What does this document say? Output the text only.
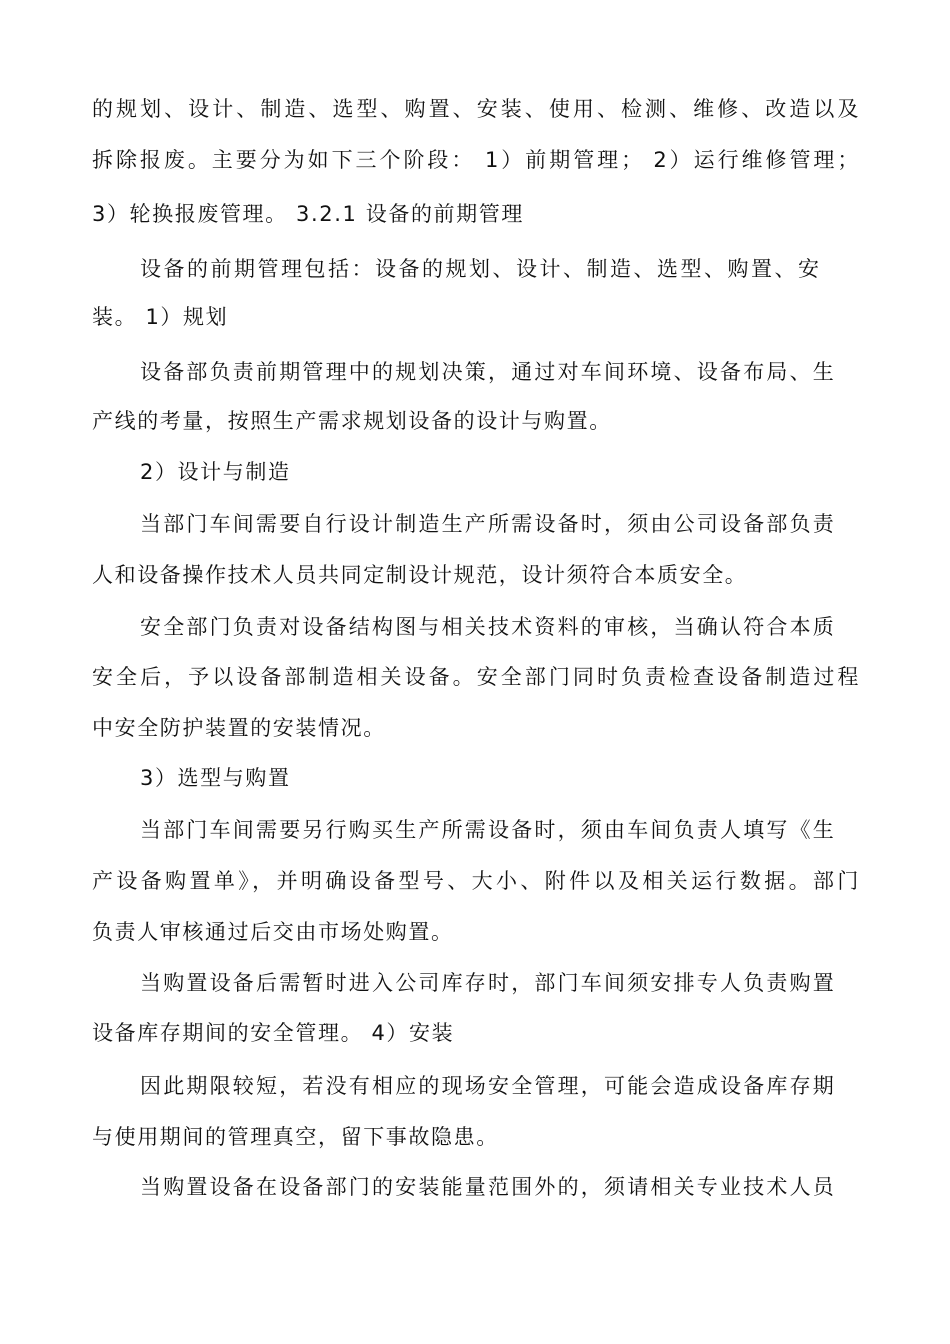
的规划、设计、制造、选型、购置、安装、使用、检测、维修、改造以及

拆除报废。主要分为如下三个阶段： 1）前期管理； 2）运行维修管理；

3）轮换报废管理。 3.2.1 设备的前期管理

设备的前期管理包括：设备的规划、设计、制造、选型、购置、安

装。 1）规划

设备部负责前期管理中的规划决策，通过对车间环境、设备布局、生

产线的考量，按照生产需求规划设备的设计与购置。

2）设计与制造

当部门车间需要自行设计制造生产所需设备时，须由公司设备部负责

人和设备操作技术人员共同定制设计规范，设计须符合本质安全。

安全部门负责对设备结构图与相关技术资料的审核，当确认符合本质

安全后，予以设备部制造相关设备。安全部门同时负责检查设备制造过程

中安全防护装置的安装情况。

3）选型与购置

当部门车间需要另行购买生产所需设备时，须由车间负责人填写《生

产设备购置单》，并明确设备型号、大小、附件以及相关运行数据。部门

负责人审核通过后交由市场处购置。

当购置设备后需暂时进入公司库存时，部门车间须安排专人负责购置

设备库存期间的安全管理。 4）安装

因此期限较短，若没有相应的现场安全管理，可能会造成设备库存期

与使用期间的管理真空，留下事故隐患。

当购置设备在设备部门的安装能量范围外的，须请相关专业技术人员
